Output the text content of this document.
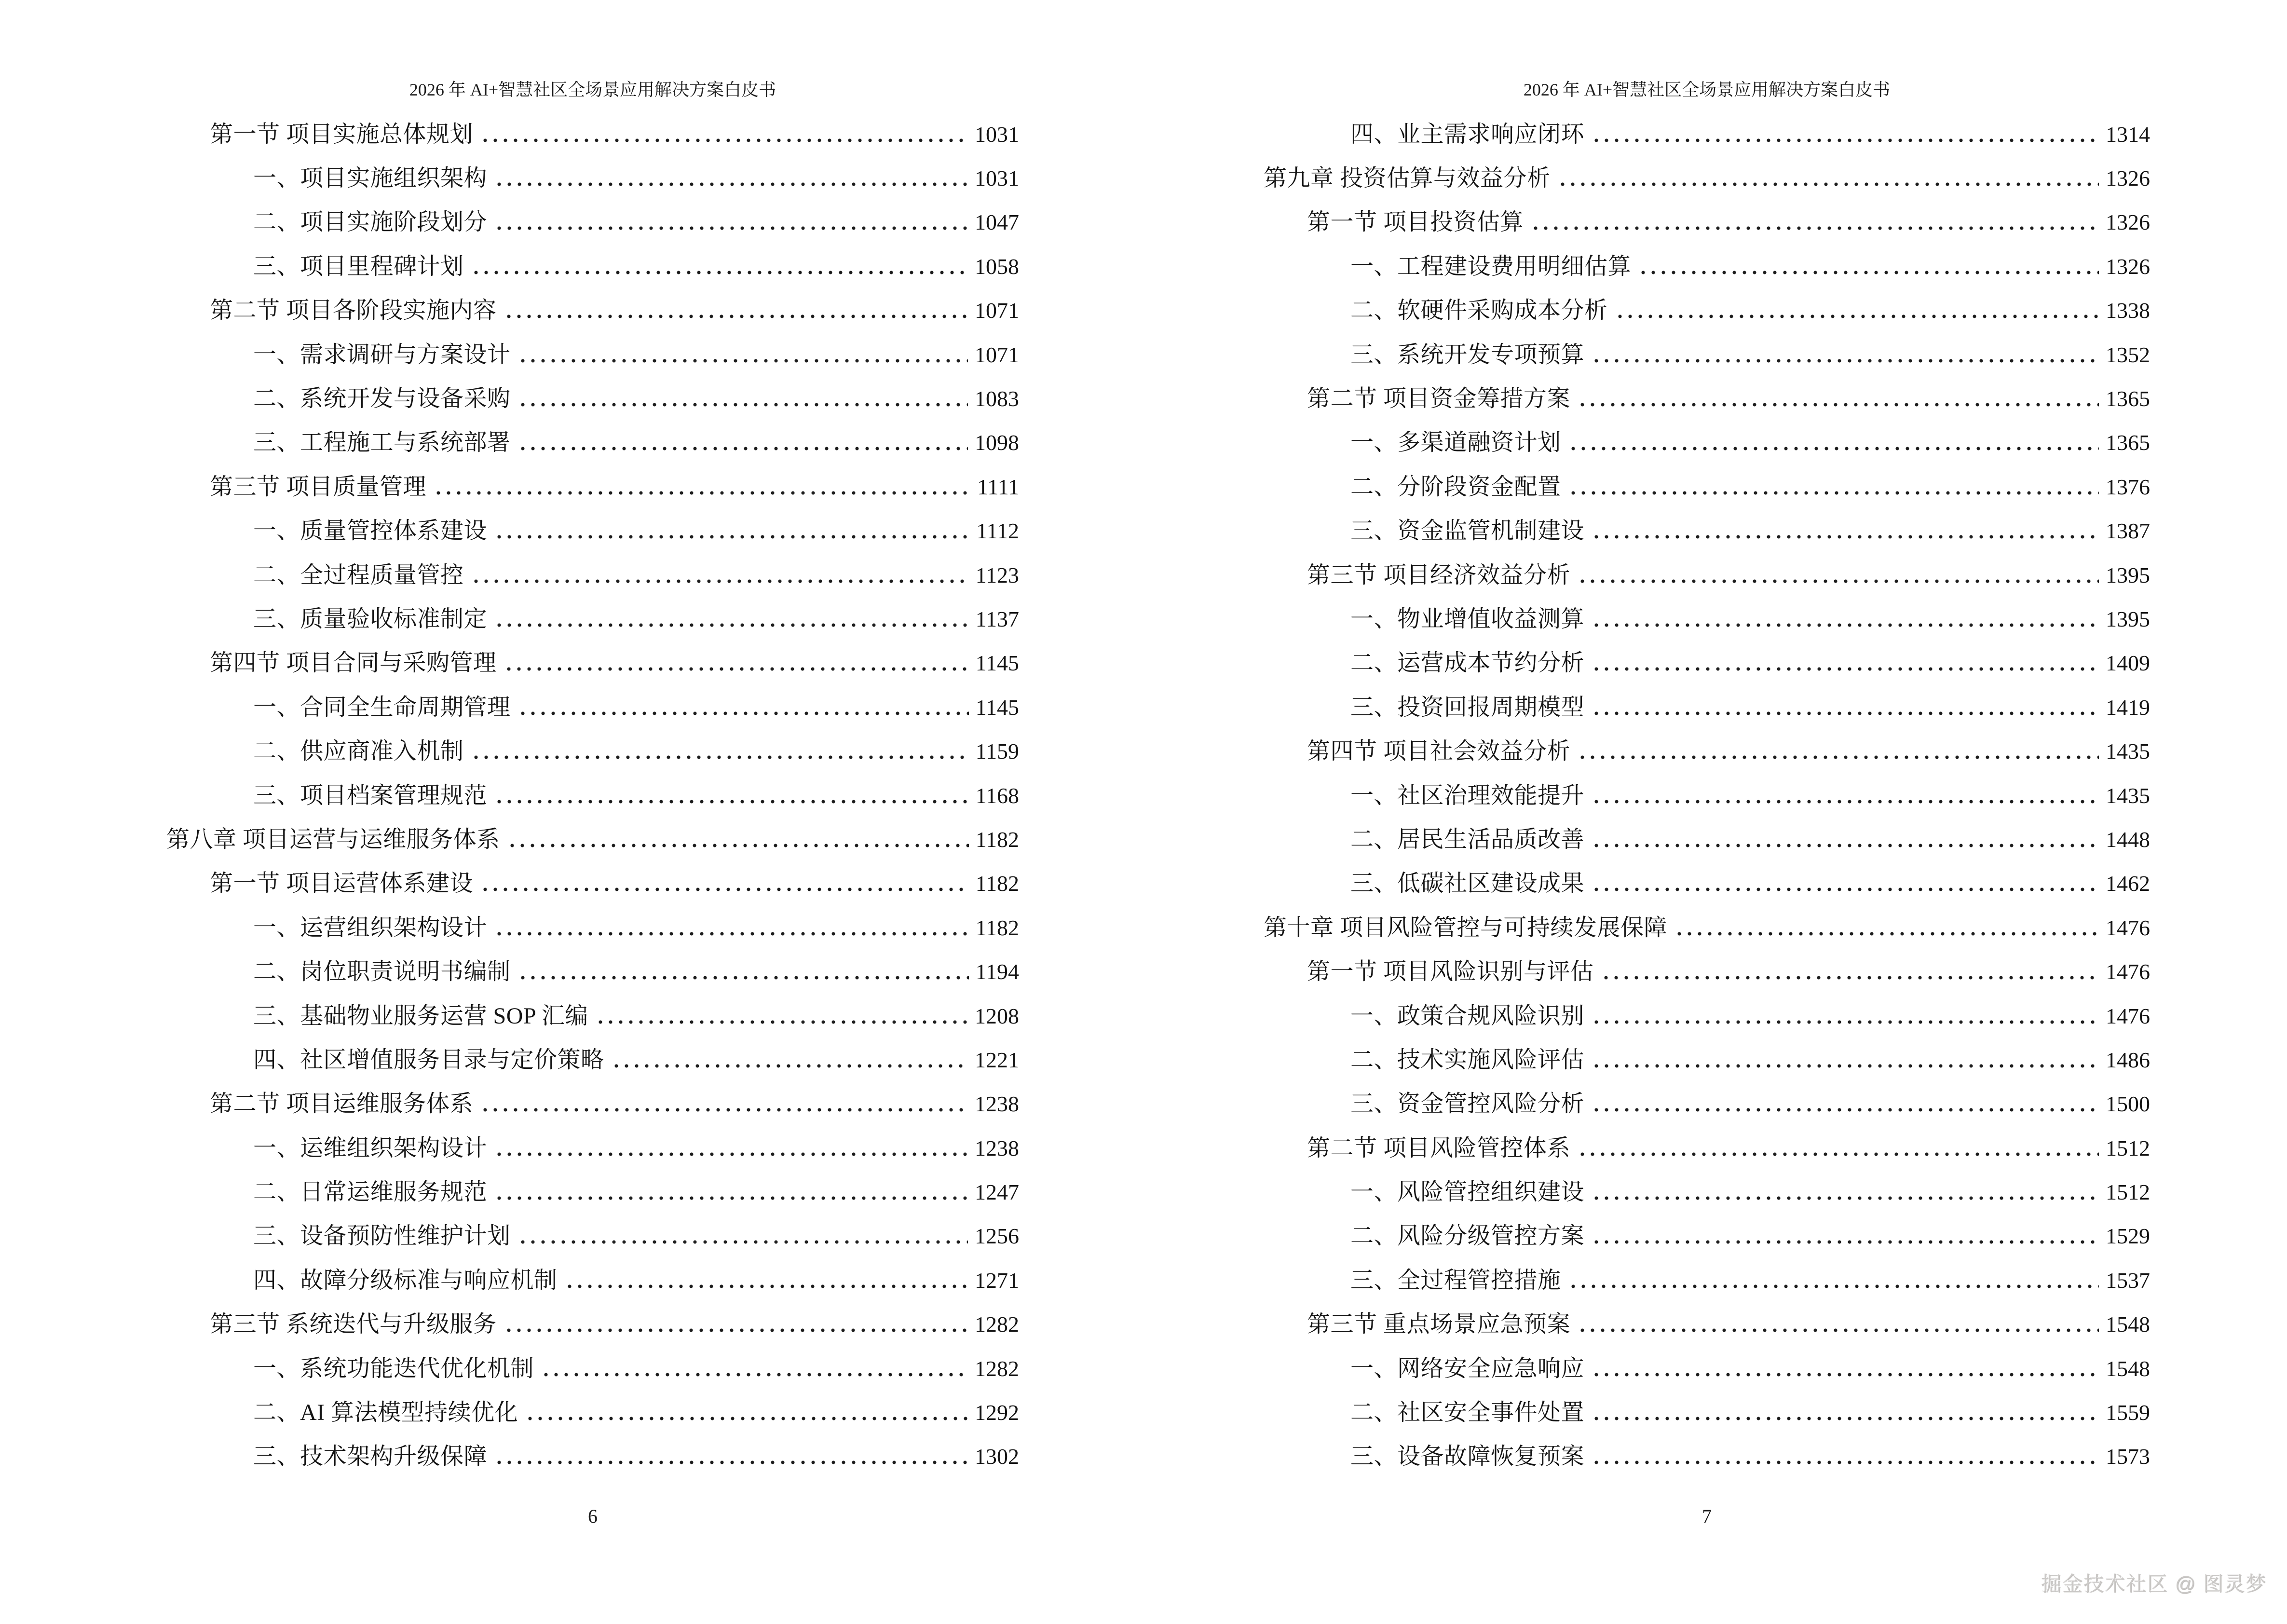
2026 年 AI+智慧社区全场景应用解决方案白皮书
第一节 项目实施总体规划	1031
一、项目实施组织架构	1031
二、项目实施阶段划分	1047
三、项目里程碑计划	1058
第二节 项目各阶段实施内容	1071
一、需求调研与方案设计	1071
二、系统开发与设备采购	1083
三、工程施工与系统部署	1098
第三节 项目质量管理	1111
一、质量管控体系建设	1112
二、全过程质量管控	1123
三、质量验收标准制定	1137
第四节 项目合同与采购管理	1145
一、合同全生命周期管理	1145
二、供应商准入机制	1159
三、项目档案管理规范	1168
第八章 项目运营与运维服务体系	1182
第一节 项目运营体系建设	1182
一、运营组织架构设计	1182
二、岗位职责说明书编制	1194
三、基础物业服务运营 SOP 汇编	1208
四、社区增值服务目录与定价策略	1221
第二节 项目运维服务体系	1238
一、运维组织架构设计	1238
二、日常运维服务规范	1247
三、设备预防性维护计划	1256
四、故障分级标准与响应机制	1271
第三节 系统迭代与升级服务	1282
一、系统功能迭代优化机制	1282
二、AI 算法模型持续优化	1292
三、技术架构升级保障	1302
6
2026 年 AI+智慧社区全场景应用解决方案白皮书
四、业主需求响应闭环	1314
第九章 投资估算与效益分析	1326
第一节 项目投资估算	1326
一、工程建设费用明细估算	1326
二、软硬件采购成本分析	1338
三、系统开发专项预算	1352
第二节 项目资金筹措方案	1365
一、多渠道融资计划	1365
二、分阶段资金配置	1376
三、资金监管机制建设	1387
第三节 项目经济效益分析	1395
一、物业增值收益测算	1395
二、运营成本节约分析	1409
三、投资回报周期模型	1419
第四节 项目社会效益分析	1435
一、社区治理效能提升	1435
二、居民生活品质改善	1448
三、低碳社区建设成果	1462
第十章 项目风险管控与可持续发展保障	1476
第一节 项目风险识别与评估	1476
一、政策合规风险识别	1476
二、技术实施风险评估	1486
三、资金管控风险分析	1500
第二节 项目风险管控体系	1512
一、风险管控组织建设	1512
二、风险分级管控方案	1529
三、全过程管控措施	1537
第三节 重点场景应急预案	1548
一、网络安全应急响应	1548
二、社区安全事件处置	1559
三、设备故障恢复预案	1573
7
掘金技术社区 @ 图灵梦
